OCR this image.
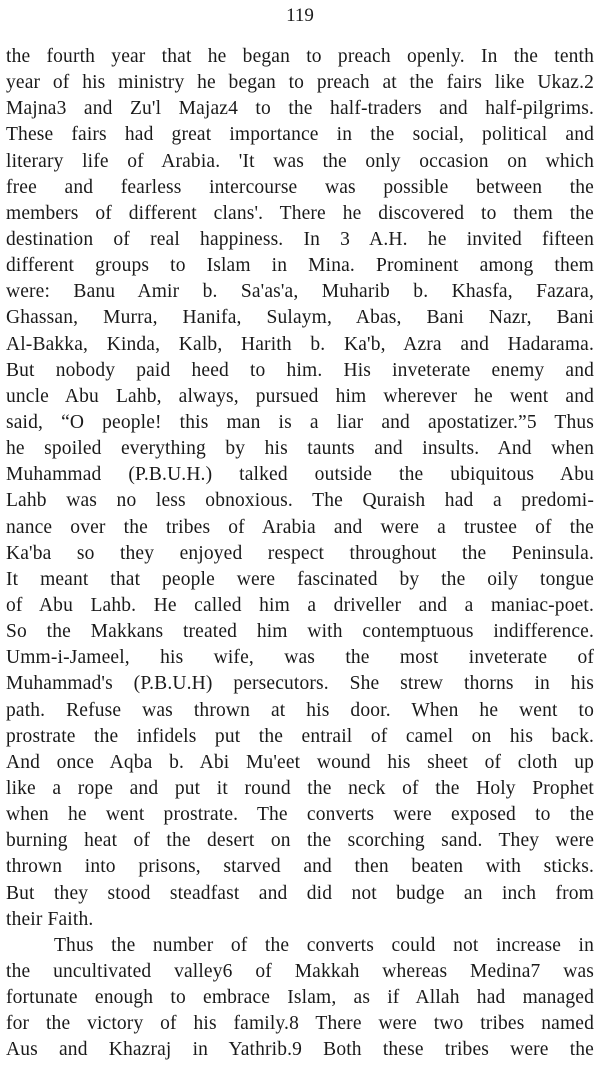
119
the fourth year that he began to preach openly. In the tenth
year of his ministry he began to preach at the fairs like Ukaz.2
Majna3 and Zu'l Majaz4 to the half-traders and half-pilgrims.
These fairs had great importance in the social, political and
literary life of Arabia. 'It was the only occasion on which
free and fearless intercourse was possible between the
members of different clans'. There he discovered to them the
destination of real happiness. In 3 A.H. he invited fifteen
different groups to Islam in Mina. Prominent among them
were: Banu Amir b. Sa'as'a, Muharib b. Khasfa, Fazara,
Ghassan, Murra, Hanifa, Sulaym, Abas, Bani Nazr, Bani
Al-Bakka, Kinda, Kalb, Harith b. Ka'b, Azra and Hadarama.
But nobody paid heed to him. His inveterate enemy and
uncle Abu Lahb, always, pursued him wherever he went and
said, “O people! this man is a liar and apostatizer.”5 Thus
he spoiled everything by his taunts and insults. And when
Muhammad (P.B.U.H.) talked outside the ubiquitous Abu
Lahb was no less obnoxious. The Quraish had a predomi-
nance over the tribes of Arabia and were a trustee of the
Ka'ba so they enjoyed respect throughout the Peninsula.
It meant that people were fascinated by the oily tongue
of Abu Lahb. He called him a driveller and a maniac-poet.
So the Makkans treated him with contemptuous indifference.
Umm-i-Jameel, his wife, was the most inveterate of
Muhammad's (P.B.U.H) persecutors. She strew thorns in his
path. Refuse was thrown at his door. When he went to
prostrate the infidels put the entrail of camel on his back.
And once Aqba b. Abi Mu'eet wound his sheet of cloth up
like a rope and put it round the neck of the Holy Prophet
when he went prostrate. The converts were exposed to the
burning heat of the desert on the scorching sand. They were
thrown into prisons, starved and then beaten with sticks.
But they stood steadfast and did not budge an inch from
their Faith.
Thus the number of the converts could not increase in
the uncultivated valley6 of Makkah whereas Medina7 was
fortunate enough to embrace Islam, as if Allah had managed
for the victory of his family.8 There were two tribes named
Aus and Khazraj in Yathrib.9 Both these tribes were the
